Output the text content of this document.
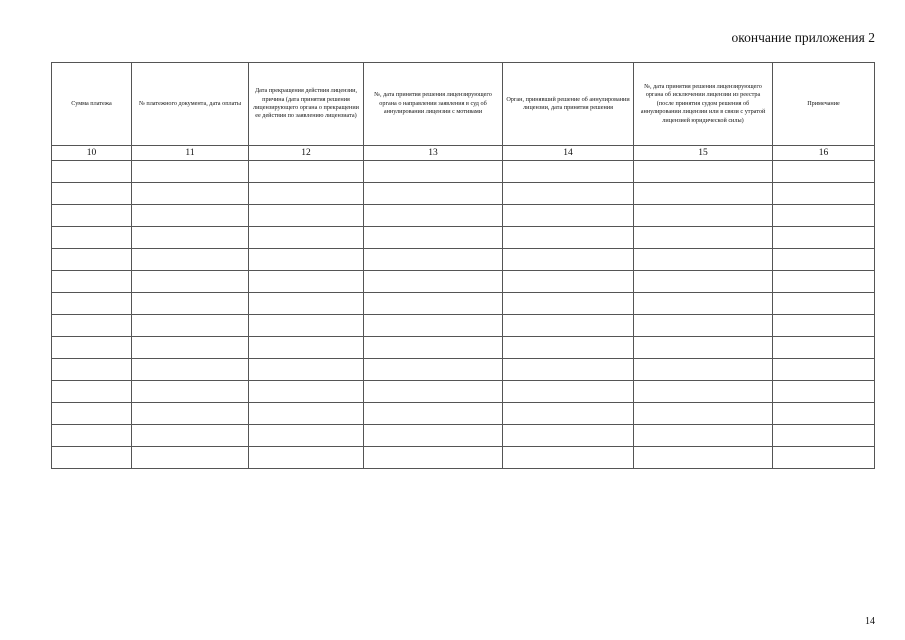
окончание приложения 2
Сумма платежа	№ платежного документа, дата оплаты	Дата прекращения действия лицензии, причина (дата принятия решения лицензирующего органа о прекращении ее действия по заявлению лицензиата)	№, дата принятия решения лицензирующего органа о направлении заявления в суд об аннулировании лицензии с мотивами	Орган, принявший решение об аннулировании лицензии, дата принятия решения	№, дата принятия решения лицензирующего органа об исключении лицензии из реестра (после принятия судом решения об аннулировании лицензии или в связи с утратой лицензией юридической силы)	Примечание
10	11	12	13	14	15	16

14
